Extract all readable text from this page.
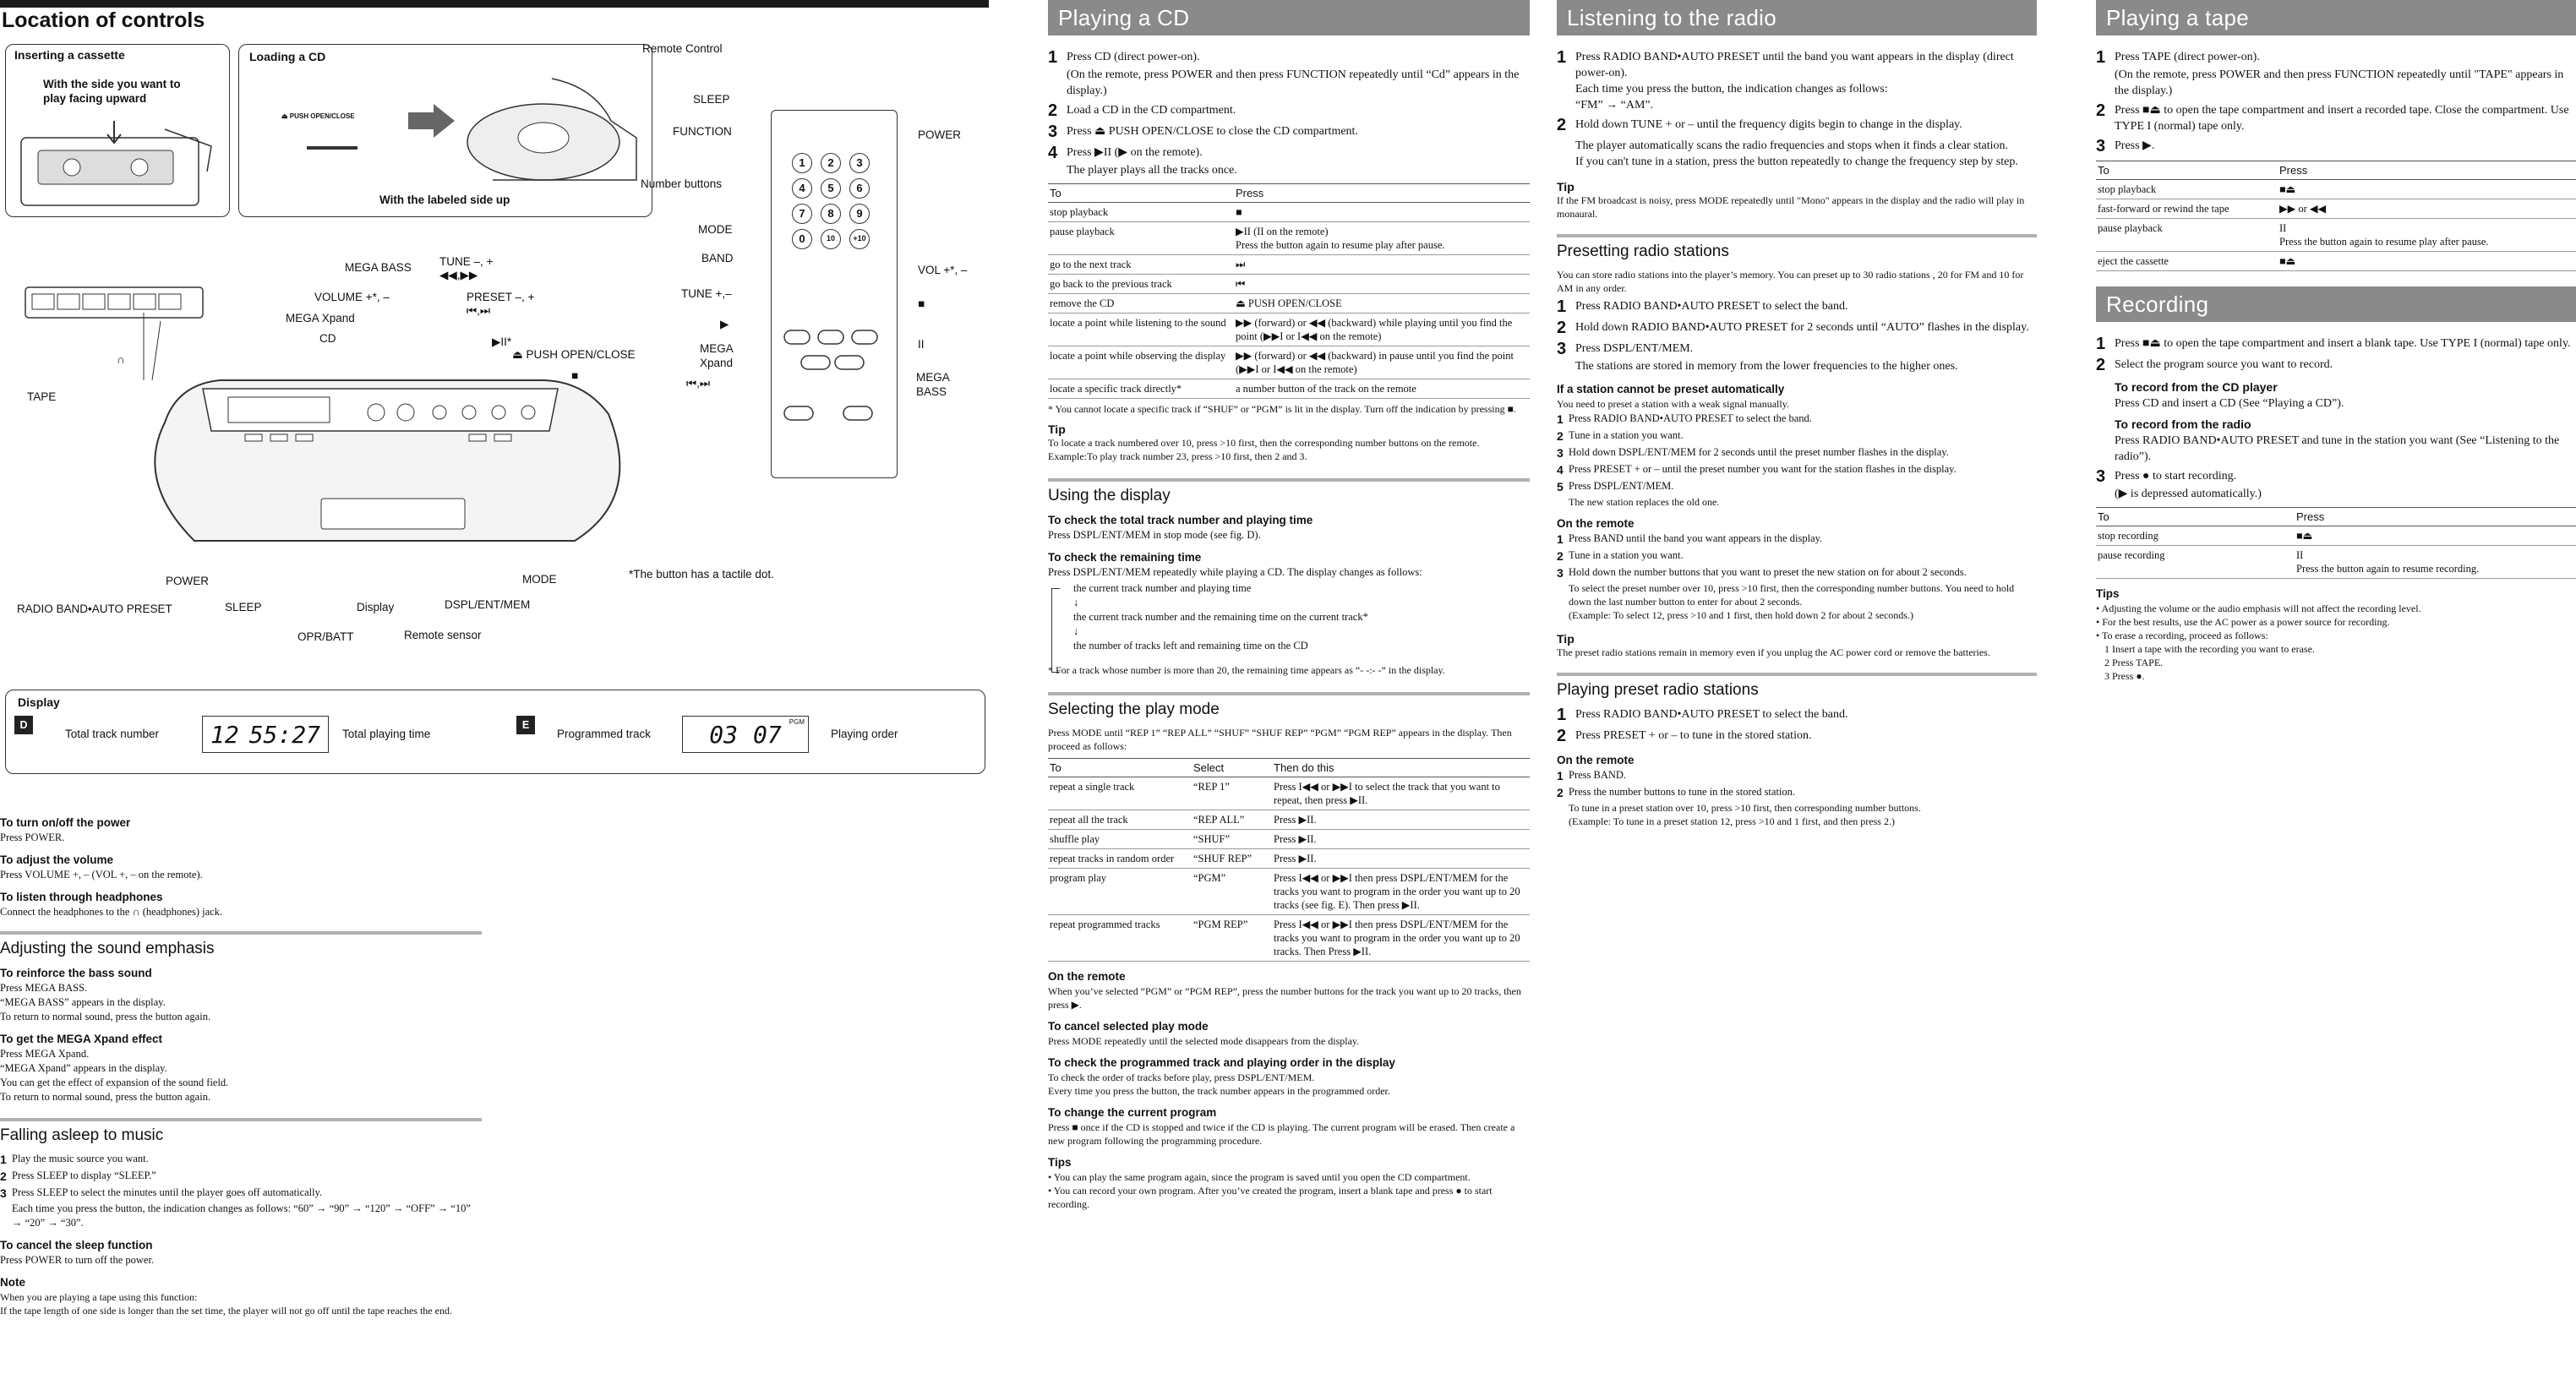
Location of controls
Inserting a cassette
With the side you want to play facing upward
Loading a CD
⏏ PUSH OPEN/CLOSE
With the labeled side up
MEGA BASS TUNE –, +
◀◀,▶▶
VOLUME +*, –	PRESET –, +
⏮,⏭
MEGA Xpand
CD	▶II*
⏏ PUSH OPEN/CLOSE
■
∩
TAPE
POWER	MODE
RADIO BAND•AUTO PRESET	SLEEP	Display	DSPL/ENT/MEM
OPR/BATT	Remote sensor
*The button has a tactile dot.
Remote Control
1	2	3
4	5	6
7	8	9
0	10	+10
SLEEP
FUNCTION	POWER
Number buttons
MODE
BAND
VOL +*, –
TUNE +,–
■
▶
II
MEGA Xpand
⏮,⏭	MEGA BASS
Display
D
Total track number 12 55:27 Total playing time
E
Programmed track 03 07 PGM
Playing order
To turn on/off the power

Press POWER.

To adjust the volume

Press VOLUME +, – (VOL +, – on the remote).

To listen through headphones

Connect the headphones to the ∩ (headphones) jack.

Adjusting the sound emphasis
To reinforce the bass sound

Press MEGA BASS.

“MEGA BASS” appears in the display.

To return to normal sound, press the button again.

To get the MEGA Xpand effect

Press MEGA Xpand.

“MEGA Xpand” appears in the display.

You can get the effect of expansion of the sound field.

To return to normal sound, press the button again.

Falling asleep to music
1 Play the music source you want.
2 Press SLEEP to display “SLEEP.”
3 Press SLEEP to select the minutes until the player goes off automatically.

Each time you press the button, the indication changes as follows: “60” → “90” → “120” → “OFF” → “10” → “20” → “30”.

To cancel the sleep function

Press POWER to turn off the power.

Note

When you are playing a tape using this function:

If the tape length of one side is longer than the set time, the player will not go off until the tape reaches the end.

Playing a CD
1 Press CD (direct power-on).
(On the remote, press POWER and then press FUNCTION repeatedly until “Cd” appears in the display.)
2 Load a CD in the CD compartment.
3 Press ⏏ PUSH OPEN/CLOSE to close the CD compartment.
4 Press ▶II (▶ on the remote).
The player plays all the tracks once.
To	Press
stop playback	■
pause playback	▶II (II on the remote)
Press the button again to resume play after pause.
go to the next track	⏭
go back to the previous track	⏮
remove the CD	⏏ PUSH OPEN/CLOSE
locate a point while listening to the sound	▶▶ (forward) or ◀◀ (backward) while playing until you find the point (▶▶I or I◀◀ on the remote)
locate a point while observing the display	▶▶ (forward) or ◀◀ (backward) in pause until you find the point (▶▶I or I◀◀ on the remote)
locate a specific track directly*	a number button of the track on the remote

* You cannot locate a specific track if “SHUF” or “PGM” is lit in the display. Turn off the indication by pressing ■.

Tip

To locate a track numbered over 10, press >10 first, then the corresponding number buttons on the remote.

Example:To play track number 23, press >10 first, then 2 and 3.

Using the display
To check the total track number and playing time

Press DSPL/ENT/MEM in stop mode (see fig. D).

To check the remaining time

Press DSPL/ENT/MEM repeatedly while playing a CD. The display changes as follows:

the current track number and playing time

↓

the current track number and the remaining time on the current track*

↓

the number of tracks left and remaining time on the CD

* For a track whose number is more than 20, the remaining time appears as “- -:- -” in the display.

Selecting the play mode

Press MODE until “REP 1” “REP ALL” “SHUF” “SHUF REP” “PGM” “PGM REP” appears in the display. Then proceed as follows:

To	Select	Then do this
repeat a single track	“REP 1”	Press I◀◀ or ▶▶I to select the track that you want to repeat, then press ▶II.
repeat all the track	“REP ALL”	Press ▶II.
shuffle play	“SHUF”	Press ▶II.
repeat tracks in random order	“SHUF REP”	Press ▶II.
program play	“PGM”	Press I◀◀ or ▶▶I then press DSPL/ENT/MEM for the tracks you want to program in the order you want up to 20 tracks (see fig. E). Then press ▶II.
repeat programmed tracks	“PGM REP”	Press I◀◀ or ▶▶I then press DSPL/ENT/MEM for the tracks you want to program in the order you want up to 20 tracks. Then Press ▶II.
On the remote

When you’ve selected “PGM” or “PGM REP”, press the number buttons for the track you want up to 20 tracks, then press ▶.

To cancel selected play mode

Press MODE repeatedly until the selected mode disappears from the display.

To check the programmed track and playing order in the display

To check the order of tracks before play, press DSPL/ENT/MEM.

Every time you press the button, the track number appears in the programmed order.

To change the current program

Press ■ once if the CD is stopped and twice if the CD is playing. The current program will be erased. Then create a new program following the programming procedure.

Tips

• You can play the same program again, since the program is saved until you open the CD compartment.

• You can record your own program. After you’ve created the program, insert a blank tape and press ● to start recording.

Listening to the radio
1 Press RADIO BAND•AUTO PRESET until the band you want appears in the display (direct power-on).
Each time you press the button, the indication changes as follows:
“FM” → “AM”.
2 Hold down TUNE + or – until the frequency digits begin to change in the display.
The player automatically scans the radio frequencies and stops when it finds a clear station.
If you can't tune in a station, press the button repeatedly to change the frequency step by step.
Tip

If the FM broadcast is noisy, press MODE repeatedly until "Mono" appears in the display and the radio will play in monaural.

Presetting radio stations

You can store radio stations into the player’s memory. You can preset up to 30 radio stations , 20 for FM and 10 for AM in any order.

1 Press RADIO BAND•AUTO PRESET to select the band.
2 Hold down RADIO BAND•AUTO PRESET for 2 seconds until “AUTO” flashes in the display.
3 Press DSPL/ENT/MEM.
The stations are stored in memory from the lower frequencies to the higher ones.
If a station cannot be preset automatically

You need to preset a station with a weak signal manually.

1 Press RADIO BAND•AUTO PRESET to select the band.
2 Tune in a station you want.
3 Hold down DSPL/ENT/MEM for 2 seconds until the preset number flashes in the display.
4 Press PRESET + or – until the preset number you want for the station flashes in the display.
5 Press DSPL/ENT/MEM.

The new station replaces the old one.

On the remote
1 Press BAND until the band you want appears in the display.
2 Tune in a station you want.
3 Hold down the number buttons that you want to preset the new station on for about 2 seconds.

To select the preset number over 10, press >10 first, then the corresponding number buttons. You need to hold down the last number button to enter for about 2 seconds.

(Example: To select 12, press >10 and 1 first, then hold down 2 for about 2 seconds.)

Tip

The preset radio stations remain in memory even if you unplug the AC power cord or remove the batteries.

Playing preset radio stations
1 Press RADIO BAND•AUTO PRESET to select the band.
2 Press PRESET + or – to tune in the stored station.
On the remote
1 Press BAND.
2 Press the number buttons to tune in the stored station.

To tune in a preset station over 10, press >10 first, then corresponding number buttons.

(Example: To tune in a preset station 12, press >10 and 1 first, and then press 2.)

Playing a tape
1 Press TAPE (direct power-on).
(On the remote, press POWER and then press FUNCTION repeatedly until "TAPE" appears in the display.)
2 Press ■⏏ to open the tape compartment and insert a recorded tape. Close the compartment. Use TYPE I (normal) tape only.
3 Press ▶.
To	Press
stop playback	■⏏
fast-forward or rewind the tape	▶▶ or ◀◀
pause playback	II
Press the button again to resume play after pause.
eject the cassette	■⏏
Recording
1 Press ■⏏ to open the tape compartment and insert a blank tape. Use TYPE I (normal) tape only.
2 Select the program source you want to record.
To record from the CD player
Press CD and insert a CD (See “Playing a CD”).
To record from the radio
Press RADIO BAND•AUTO PRESET and tune in the station you want (See “Listening to the radio”).
3 Press ● to start recording.
(▶ is depressed automatically.)
To	Press
stop recording	■⏏
pause recording	II
Press the button again to resume recording.
Tips

• Adjusting the volume or the audio emphasis will not affect the recording level.

• For the best results, use the AC power as a power source for recording.

• To erase a recording, proceed as follows:

1 Insert a tape with the recording you want to erase.

2 Press TAPE.

3 Press ●.
